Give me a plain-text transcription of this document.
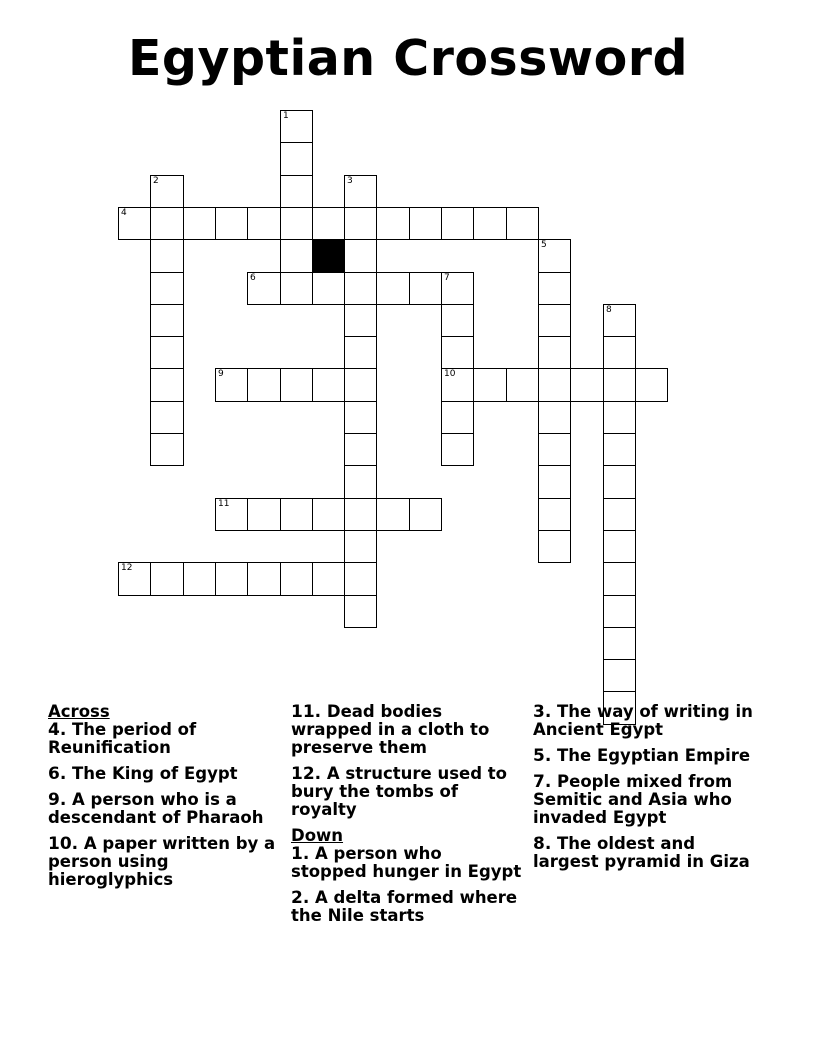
Egyptian Crossword
1
2	3
4
5
6	7
10
8
9
11
12

Across

4. The period of Reunification

6. The King of Egypt

9. A person who is a descendant of Pharaoh

10. A paper written by a person using hieroglyphics

11. Dead bodies wrapped in a cloth to preserve them

12. A structure used to bury the tombs of royalty

Down

1. A person who stopped hunger in Egypt

2. A delta formed where the Nile starts

3. The way of writing in Ancient Egypt

5. The Egyptian Empire

7. People mixed from Semitic and Asia who invaded Egypt

8. The oldest and largest pyramid in Giza
